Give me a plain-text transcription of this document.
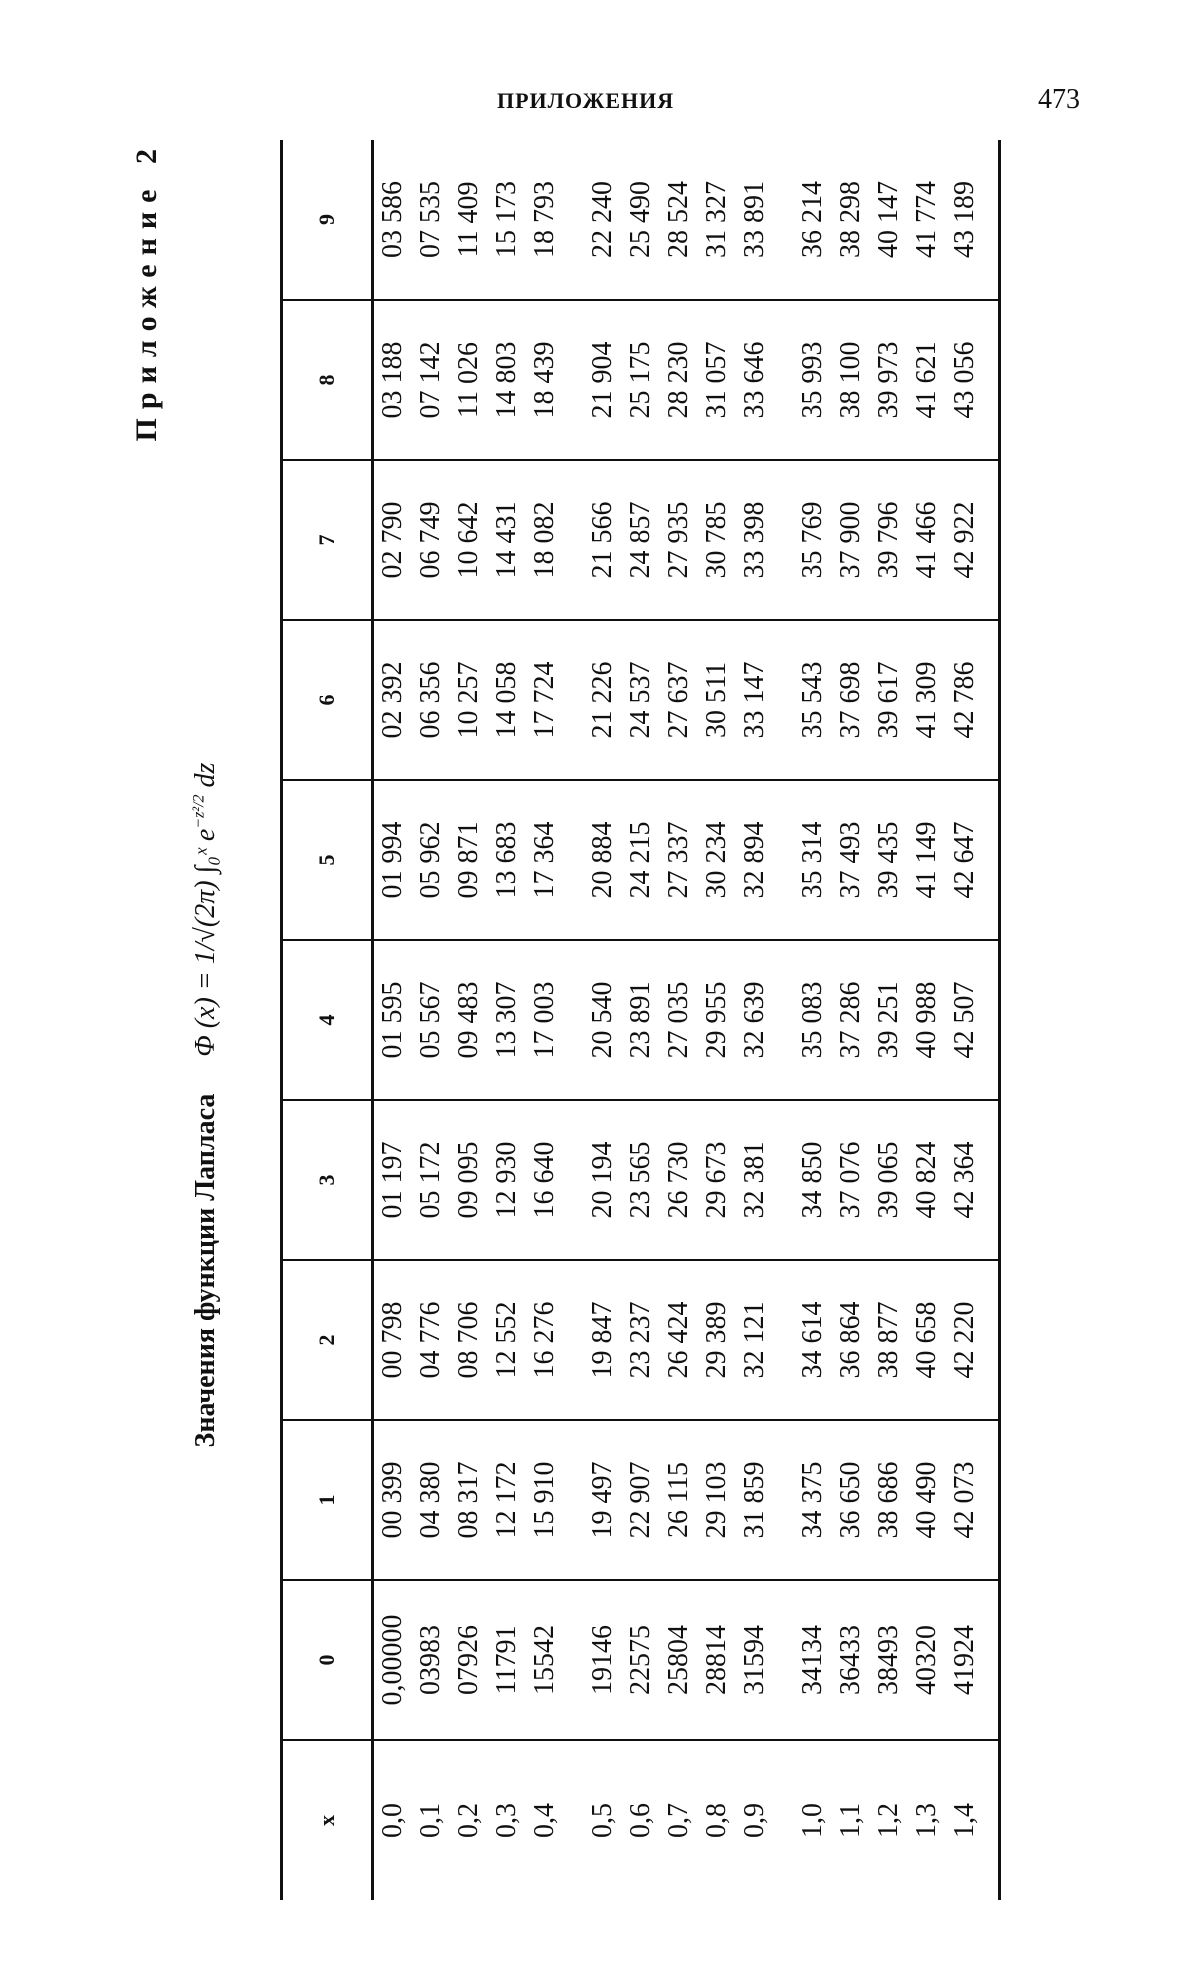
ПРИЛОЖЕНИЯ	473
Приложение 2
Значения функции Лапласа Φ (x) = 1/√(2π) ∫₀ˣ $e^{-z^2/2}$ dz
x	0	1	2	3	4	5	6	7	8	9
0,0	0,00000	00 399	00 798	01 197	01 595	01 994	02 392	02 790	03 188	03 586
0,1	03983	04 380	04 776	05 172	05 567	05 962	06 356	06 749	07 142	07 535
0,2	07926	08 317	08 706	09 095	09 483	09 871	10 257	10 642	11 026	11 409
0,3	11791	12 172	12 552	12 930	13 307	13 683	14 058	14 431	14 803	15 173
0,4	15542	15 910	16 276	16 640	17 003	17 364	17 724	18 082	18 439	18 793
0,5	19146	19 497	19 847	20 194	20 540	20 884	21 226	21 566	21 904	22 240
0,6	22575	22 907	23 237	23 565	23 891	24 215	24 537	24 857	25 175	25 490
0,7	25804	26 115	26 424	26 730	27 035	27 337	27 637	27 935	28 230	28 524
0,8	28814	29 103	29 389	29 673	29 955	30 234	30 511	30 785	31 057	31 327
0,9	31594	31 859	32 121	32 381	32 639	32 894	33 147	33 398	33 646	33 891
1,0	34134	34 375	34 614	34 850	35 083	35 314	35 543	35 769	35 993	36 214
1,1	36433	36 650	36 864	37 076	37 286	37 493	37 698	37 900	38 100	38 298
1,2	38493	38 686	38 877	39 065	39 251	39 435	39 617	39 796	39 973	40 147
1,3	40320	40 490	40 658	40 824	40 988	41 149	41 309	41 466	41 621	41 774
1,4	41924	42 073	42 220	42 364	42 507	42 647	42 786	42 922	43 056	43 189
